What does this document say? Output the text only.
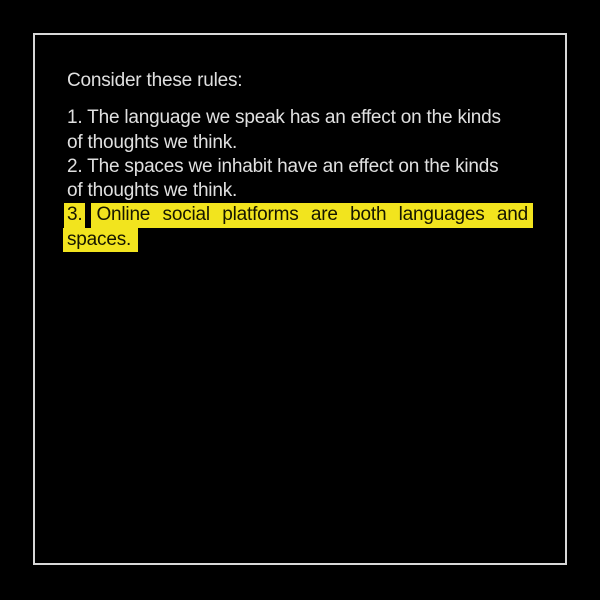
Consider these rules:
1. The language we speak has an effect on the kinds
of thoughts we think.
2. The spaces we inhabit have an effect on the kinds
of thoughts we think.
3. Online social platforms are both languages and
spaces.
